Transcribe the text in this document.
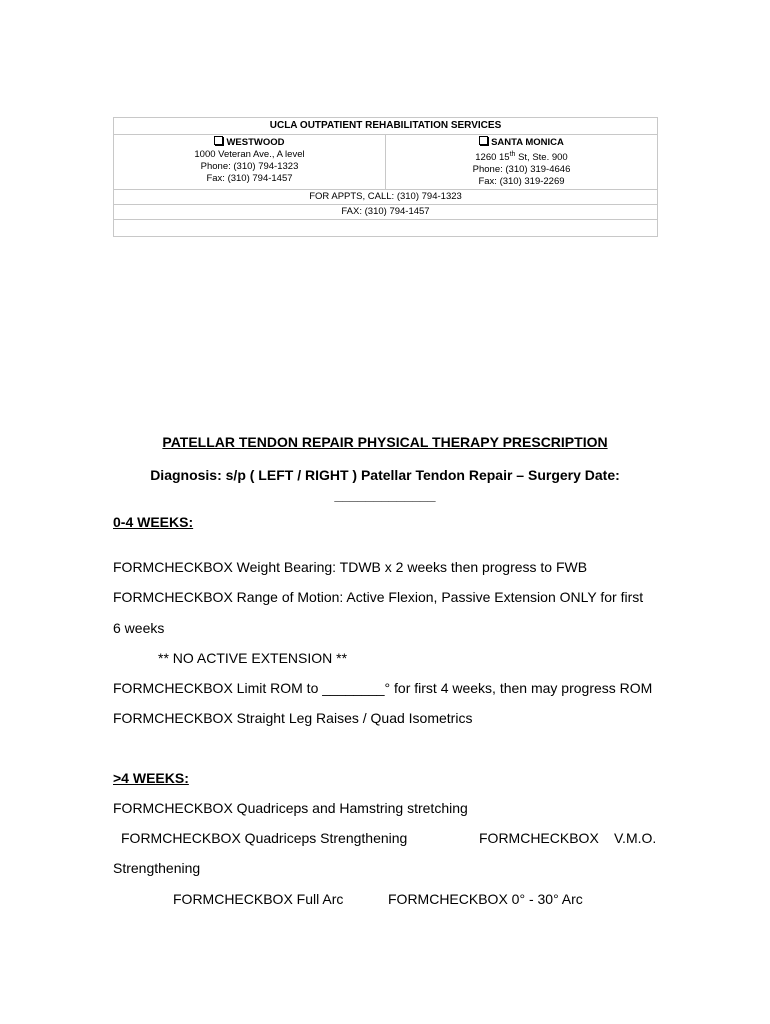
UCLA OUTPATIENT REHABILITATION SERVICES

WESTWOOD
1000 Veteran Ave., A level
Phone: (310) 794-1323
Fax: (310) 794-1457

SANTA MONICA
1260 15th St, Ste. 900
Phone: (310) 319-4646
Fax: (310) 319-2269

FOR APPTS, CALL: (310) 794-1323
FAX: (310) 794-1457

PATELLAR TENDON REPAIR PHYSICAL THERAPY PRESCRIPTION
Diagnosis: s/p ( LEFT / RIGHT ) Patellar Tendon Repair – Surgery Date:
_____________
0-4 WEEKS:
FORMCHECKBOX Weight Bearing: TDWB x 2 weeks then progress to FWB
FORMCHECKBOX Range of Motion: Active Flexion, Passive Extension ONLY for first
6 weeks
** NO ACTIVE EXTENSION **
FORMCHECKBOX Limit ROM to ________° for first 4 weeks, then may progress ROM
FORMCHECKBOX Straight Leg Raises / Quad Isometrics
>4 WEEKS:
FORMCHECKBOX Quadriceps and Hamstring stretching
FORMCHECKBOX Quadriceps Strengthening	FORMCHECKBOX V.M.O.
Strengthening
FORMCHECKBOX Full Arc	FORMCHECKBOX 0° - 30° Arc
